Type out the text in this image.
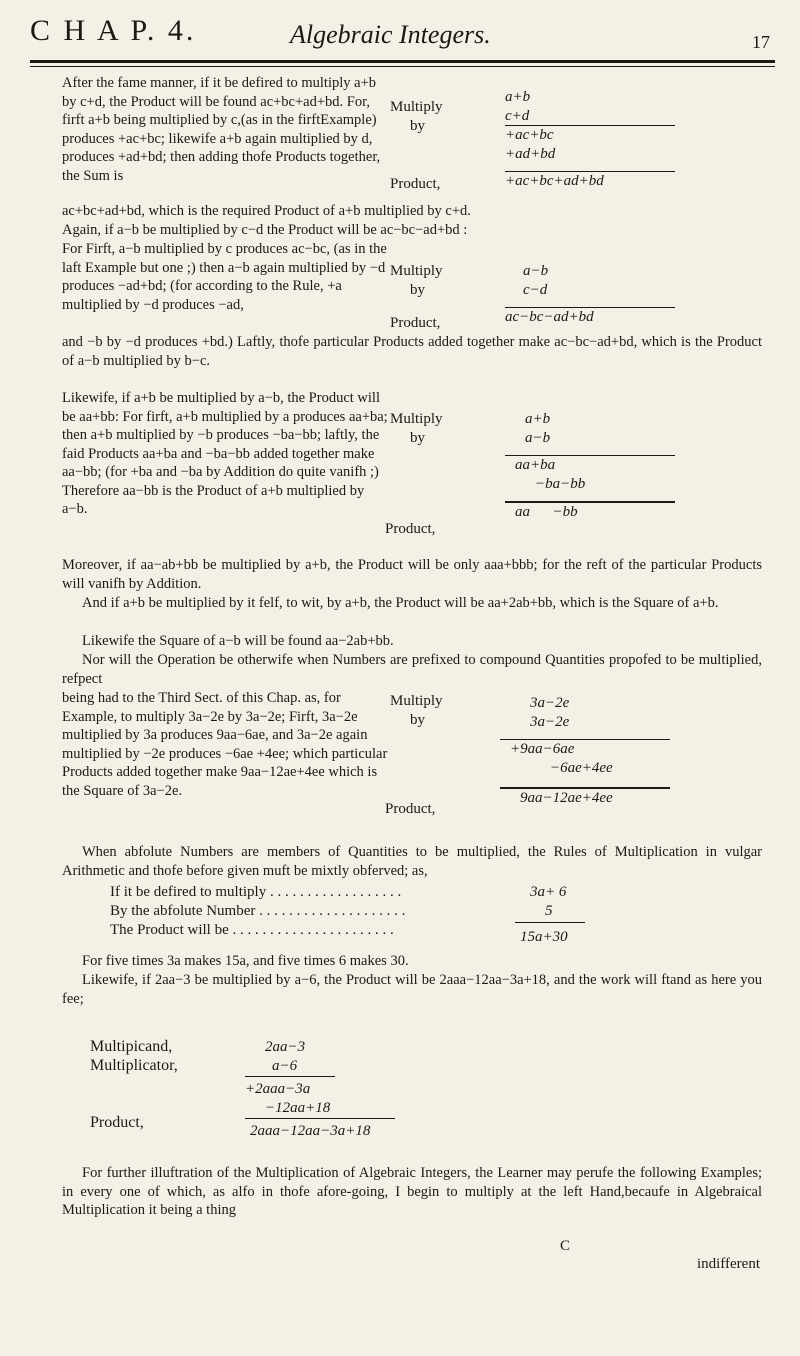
C H A P. 4.	Algebraic Integers.	17
After the fame manner, if it be defired to multiply a+b by c+d, the Product will be found ac+bc+ad+bd. For, firft a+b being multiplied by c,(as in the firftExample) produces +ac+bc; likewife a+b again multiplied by d, produces +ad+bd; then adding thofe Products together, the Sum is
Multiply
by
Product,
a+b
c+d
+ac+bc
+ad+bd
+ac+bc+ad+bd
ac+bc+ad+bd, which is the required Product of a+b multiplied by c+d.
Again, if a−b be multiplied by c−d the Product will be ac−bc−ad+bd :
For Firft, a−b multiplied by c produces ac−bc, (as in the laft Example but one ;) then a−b again multiplied by −d produces −ad+bd; (for according to the Rule, +a multiplied by −d produces −ad,
Multiply
by
Product,
a−b
c−d
ac−bc−ad+bd
and −b by −d produces +bd.) Laftly, thofe particular Products added together make ac−bc−ad+bd, which is the Product of a−b multiplied by b−c.
Likewife, if a+b be multiplied by a−b, the Product will be aa+bb: For firft, a+b multiplied by a produces aa+ba; then a+b multiplied by −b produces −ba−bb; laftly, the faid Products aa+ba and −ba−bb added together make aa−bb; (for +ba and −ba by Addition do quite vanifh ;) Therefore aa−bb is the Product of a+b multiplied by a−b.
Multiply
by
Product,
a+b
a−b
aa+ba
−ba−bb
aa      −bb
Moreover, if aa−ab+bb be multiplied by a+b, the Product will be only aaa+bbb; for the reft of the particular Products will vanifh by Addition.
And if a+b be multiplied by it felf, to wit, by a+b, the Product will be aa+2ab+bb, which is the Square of a+b.
Likewife the Square of a−b will be found aa−2ab+bb.
Nor will the Operation be otherwife when Numbers are prefixed to compound Quantities propofed to be multiplied, refpect
being had to the Third Sect. of this Chap. as, for Example, to multiply 3a−2e by 3a−2e; Firft, 3a−2e multiplied by 3a produces 9aa−6ae, and 3a−2e again multiplied by −2e produces −6ae +4ee; which particular Products added together make 9aa−12ae+4ee which is the Square of 3a−2e.
Multiply
by
Product,
3a−2e
3a−2e
+9aa−6ae
−6ae+4ee
9aa−12ae+4ee
When abfolute Numbers are members of Quantities to be multiplied, the Rules of Multiplication in vulgar Arithmetic and thofe before given muft be mixtly obferved; as,
If it be defired to multiply . . . . . . . . . . . . . . . . . .
By the abfolute Number . . . . . . . . . . . . . . . . . . . .
The Product will be . . . . . . . . . . . . . . . . . . . . . .
3a+ 6
5
15a+30
For five times 3a makes 15a, and five times 6 makes 30.
Likewife, if 2aa−3 be multiplied by a−6, the Product will be 2aaa−12aa−3a+18, and the work will ftand as here you fee;
Multipicand,
Multiplicator,
Product,
2aa−3
a−6
+2aaa−3a
−12aa+18
2aaa−12aa−3a+18
For further illuftration of the Multiplication of Algebraic Integers, the Learner may perufe the following Examples; in every one of which, as alfo in thofe afore-going, I begin to multiply at the left Hand,becaufe in Algebraical Multiplication it being a thing
C
indifferent
